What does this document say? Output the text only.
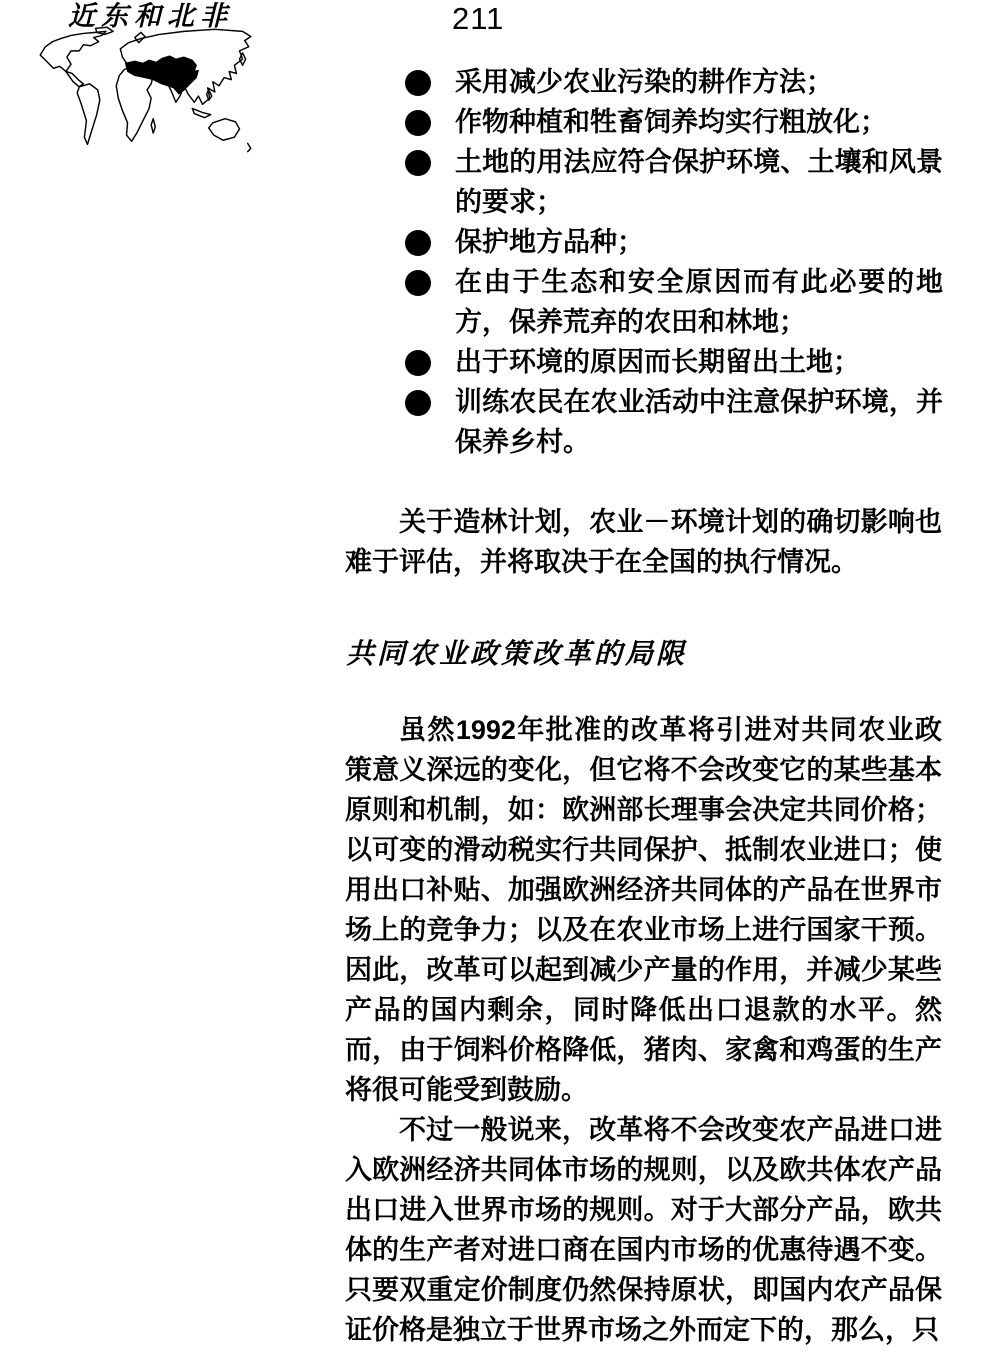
近东和北非	211
采用减少农业污染的耕作方法；
作物种植和牲畜饲养均实行粗放化；
土地的用法应符合保护环境、土壤和风景的要求；
保护地方品种；
在由于生态和安全原因而有此必要的地方，保养荒弃的农田和林地；
出于环境的原因而长期留出土地；
训练农民在农业活动中注意保护环境，并保养乡村。

关于造林计划，农业－环境计划的确切影响也难于评估，并将取决于在全国的执行情况。

共同农业政策改革的局限

虽然1992年批准的改革将引进对共同农业政策意义深远的变化，但它将不会改变它的某些基本原则和机制，如：欧洲部长理事会决定共同价格；以可变的滑动税实行共同保护、抵制农业进口；使用出口补贴、加强欧洲经济共同体的产品在世界市场上的竞争力；以及在农业市场上进行国家干预。因此，改革可以起到减少产量的作用，并减少某些产品的国内剩余，同时降低出口退款的水平。然而，由于饲料价格降低，猪肉、家禽和鸡蛋的生产将很可能受到鼓励。

不过一般说来，改革将不会改变农产品进口进入欧洲经济共同体市场的规则，以及欧共体农产品出口进入世界市场的规则。对于大部分产品，欧共体的生产者对进口商在国内市场的优惠待遇不变。只要双重定价制度仍然保持原状，即国内农产品保证价格是独立于世界市场之外而定下的，那么，只
